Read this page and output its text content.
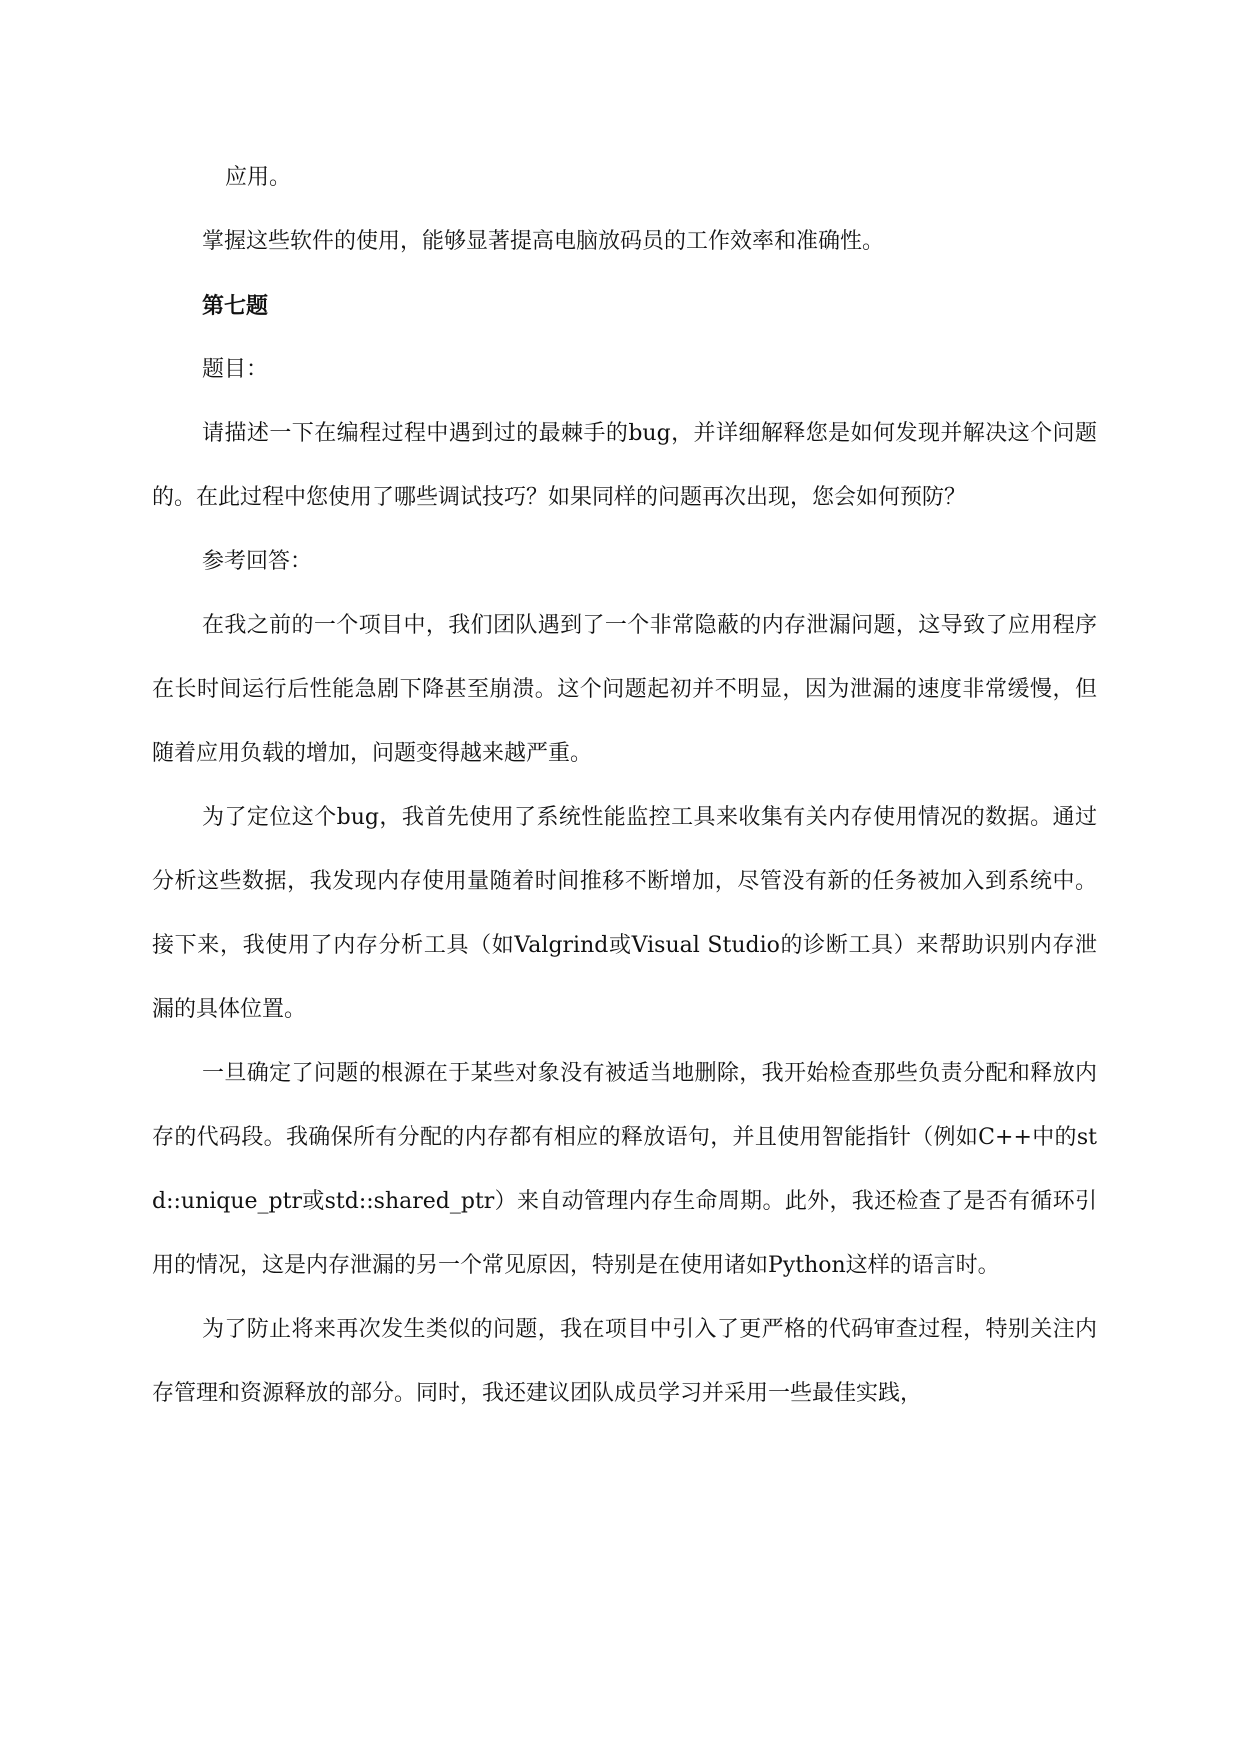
应用。

掌握这些软件的使用，能够显著提高电脑放码员的工作效率和准确性。

第七题

题目：

请描述一下在编程过程中遇到过的最棘手的bug，并详细解释您是如何发现并解决这个问题的。在此过程中您使用了哪些调试技巧？如果同样的问题再次出现，您会如何预防？

参考回答：

在我之前的一个项目中，我们团队遇到了一个非常隐蔽的内存泄漏问题，这导致了应用程序在长时间运行后性能急剧下降甚至崩溃。这个问题起初并不明显，因为泄漏的速度非常缓慢，但随着应用负载的增加，问题变得越来越严重。

为了定位这个bug，我首先使用了系统性能监控工具来收集有关内存使用情况的数据。通过分析这些数据，我发现内存使用量随着时间推移不断增加，尽管没有新的任务被加入到系统中。接下来，我使用了内存分析工具（如Valgrind或Visual Studio的诊断工具）来帮助识别内存泄漏的具体位置。

一旦确定了问题的根源在于某些对象没有被适当地删除，我开始检查那些负责分配和释放内存的代码段。我确保所有分配的内存都有相应的释放语句，并且使用智能指针（例如C++中的std::unique_ptr或std::shared_ptr）来自动管理内存生命周期。此外，我还检查了是否有循环引用的情况，这是内存泄漏的另一个常见原因，特别是在使用诸如Python这样的语言时。

为了防止将来再次发生类似的问题，我在项目中引入了更严格的代码审查过程，特别关注内存管理和资源释放的部分。同时，我还建议团队成员学习并采用一些最佳实践，
